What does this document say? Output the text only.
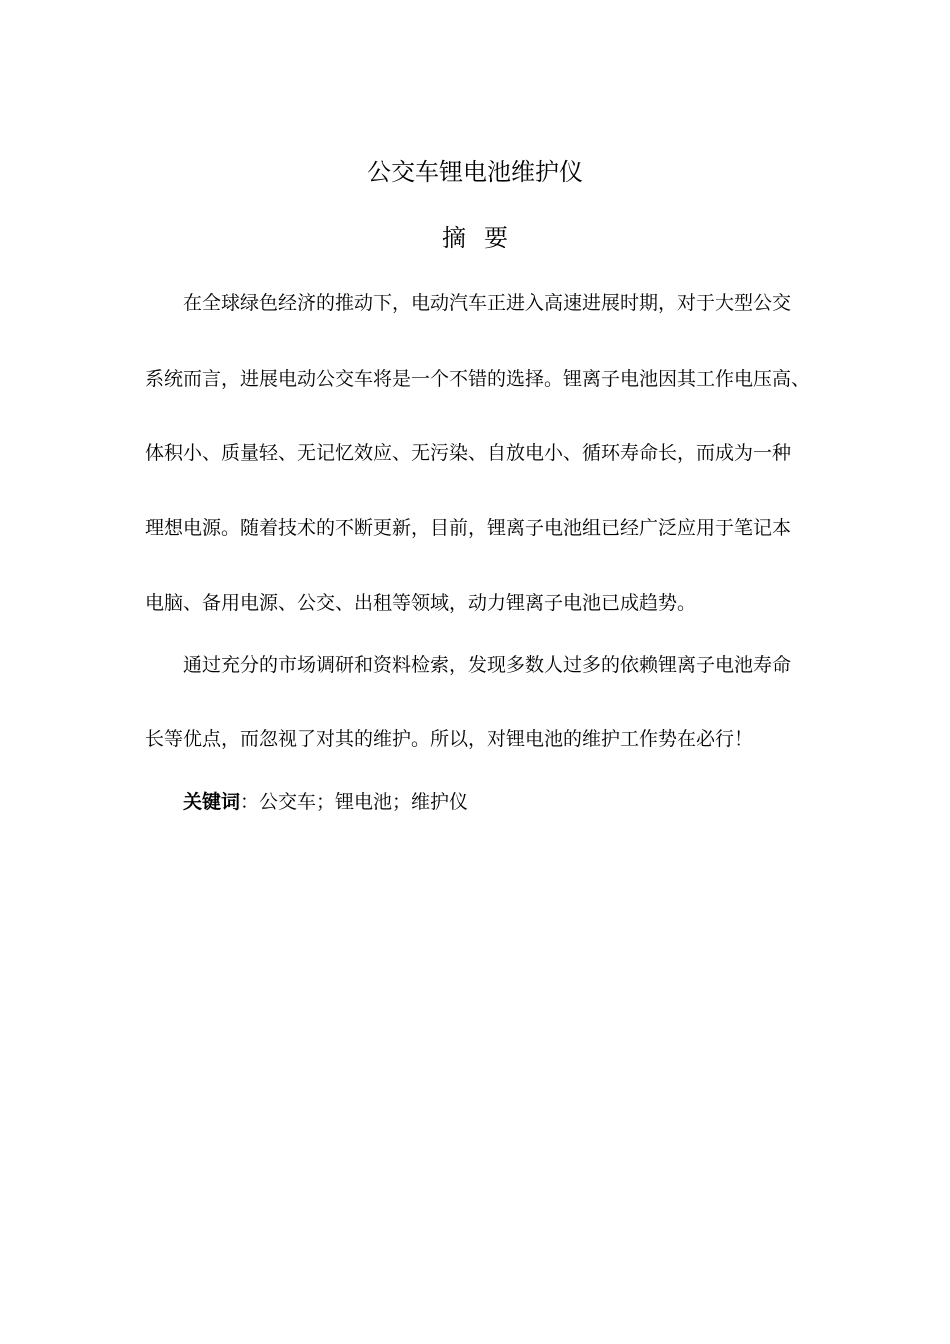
公交车锂电池维护仪
摘要
在全球绿色经济的推动下，电动汽车正进入高速进展时期，对于大型公交
系统而言，进展电动公交车将是一个不错的选择。锂离子电池因其工作电压高、
体积小、质量轻、无记忆效应、无污染、自放电小、循环寿命长，而成为一种
理想电源。随着技术的不断更新，目前，锂离子电池组已经广泛应用于笔记本
电脑、备用电源、公交、出租等领域，动力锂离子电池已成趋势。
通过充分的市场调研和资料检索，发现多数人过多的依赖锂离子电池寿命
长等优点，而忽视了对其的维护。所以，对锂电池的维护工作势在必行！
关键词：公交车；锂电池；维护仪
